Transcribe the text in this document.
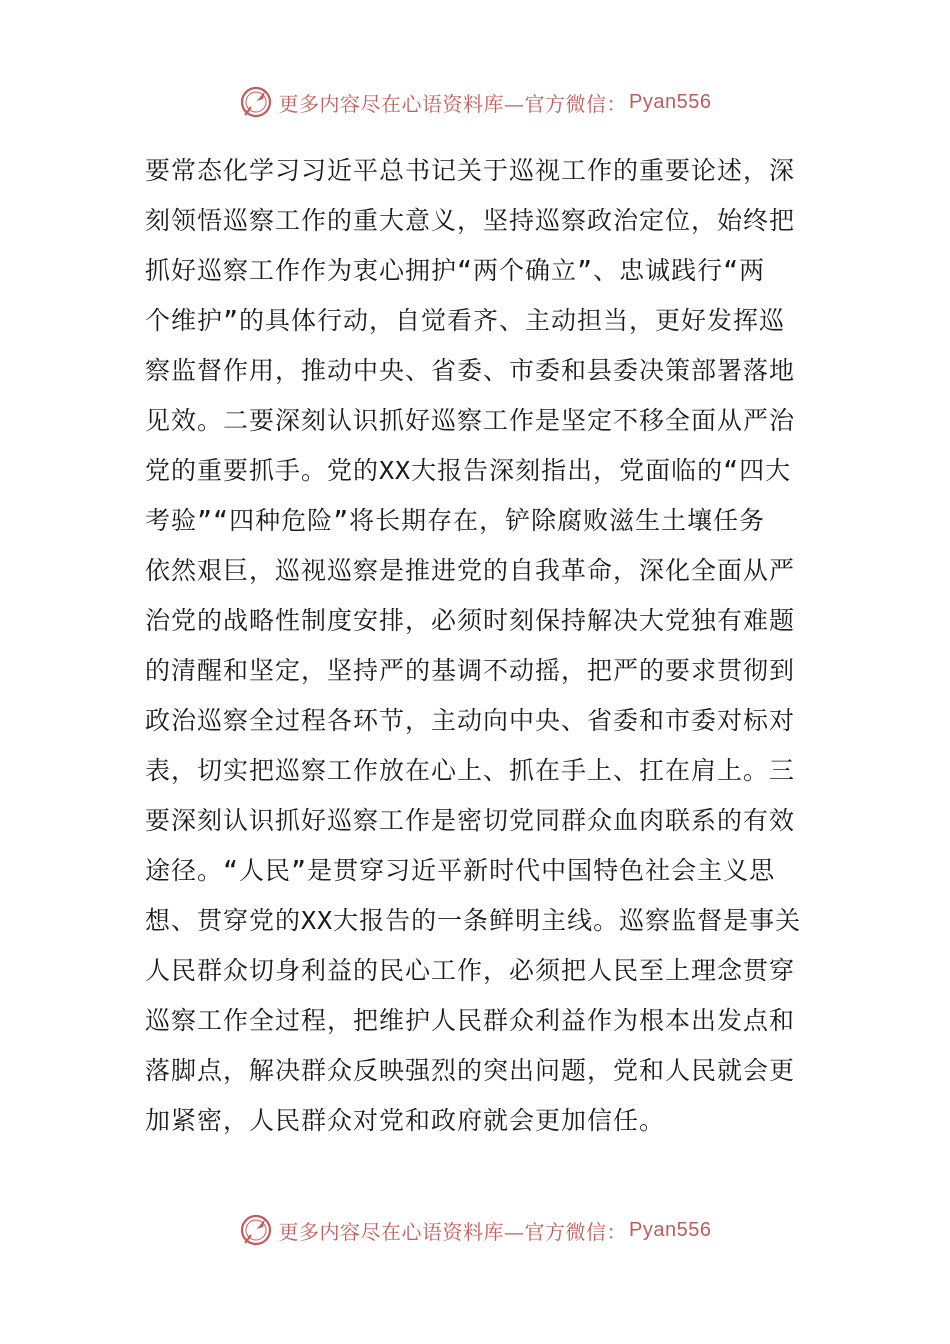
更多内容尽在心语资料库—官方微信： Pyan556
要常态化学习习近平总书记关于巡视工作的重要论述，深
刻领悟巡察工作的重大意义，坚持巡察政治定位，始终把
抓好巡察工作作为衷心拥护“两个确立”、忠诚践行“两
个维护”的具体行动，自觉看齐、主动担当，更好发挥巡
察监督作用，推动中央、省委、市委和县委决策部署落地
见效。二要深刻认识抓好巡察工作是坚定不移全面从严治
党的重要抓手。党的XX大报告深刻指出，党面临的“四大
考验”“四种危险”将长期存在，铲除腐败滋生土壤任务
依然艰巨，巡视巡察是推进党的自我革命，深化全面从严
治党的战略性制度安排，必须时刻保持解决大党独有难题
的清醒和坚定，坚持严的基调不动摇，把严的要求贯彻到
政治巡察全过程各环节，主动向中央、省委和市委对标对
表，切实把巡察工作放在心上、抓在手上、扛在肩上。三
要深刻认识抓好巡察工作是密切党同群众血肉联系的有效
途径。“人民”是贯穿习近平新时代中国特色社会主义思
想、贯穿党的XX大报告的一条鲜明主线。巡察监督是事关
人民群众切身利益的民心工作，必须把人民至上理念贯穿
巡察工作全过程，把维护人民群众利益作为根本出发点和
落脚点，解决群众反映强烈的突出问题，党和人民就会更
加紧密，人民群众对党和政府就会更加信任。
更多内容尽在心语资料库—官方微信： Pyan556
